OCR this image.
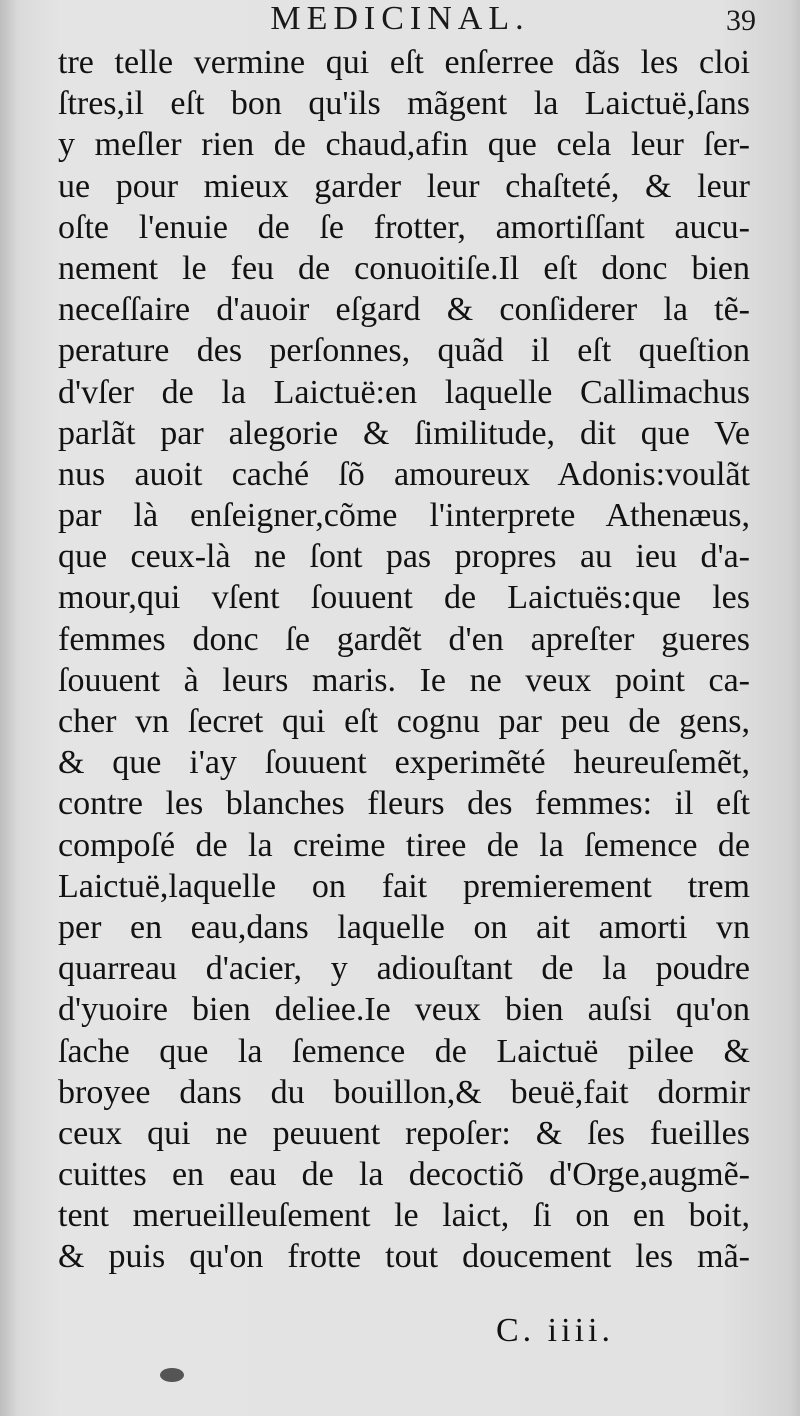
MEDICINAL.	39
tre telle vermine qui eſt enſerree dãs les cloi
ſtres,il eſt bon qu'ils mãgent la Laictuë,ſans
y meſler rien de chaud,afin que cela leur ſer-
ue pour mieux garder leur chaſteté, & leur
oſte l'enuie de ſe frotter, amortiſſant aucu-
nement le feu de conuoitiſe.Il eſt donc bien
neceſſaire d'auoir eſgard & conſiderer la tẽ-
perature des perſonnes, quãd il eſt queſtion
d'vſer de la Laictuë:en laquelle Callimachus
parlãt par alegorie & ſimilitude, dit que Ve
nus auoit caché ſõ amoureux Adonis:voulãt
par là enſeigner,cõme l'interprete Athenæus,
que ceux-là ne ſont pas propres au ieu d'a-
mour,qui vſent ſouuent de Laictuës:que les
femmes donc ſe gardẽt d'en apreſter gueres
ſouuent à leurs maris. Ie ne veux point ca-
cher vn ſecret qui eſt cognu par peu de gens,
& que i'ay ſouuent experimẽté heureuſemẽt,
contre les blanches fleurs des femmes: il eſt
compoſé de la creime tiree de la ſemence de
Laictuë,laquelle on fait premierement trem
per en eau,dans laquelle on ait amorti vn
quarreau d'acier, y adiouſtant de la poudre
d'yuoire bien deliee.Ie veux bien auſsi qu'on
ſache que la ſemence de Laictuë pilee &
broyee dans du bouillon,& beuë,fait dormir
ceux qui ne peuuent repoſer: & ſes fueilles
cuittes en eau de la decoctiõ d'Orge,augmẽ-
tent merueilleuſement le laict, ſi on en boit,
& puis qu'on frotte tout doucement les mã-
C. iiii.
